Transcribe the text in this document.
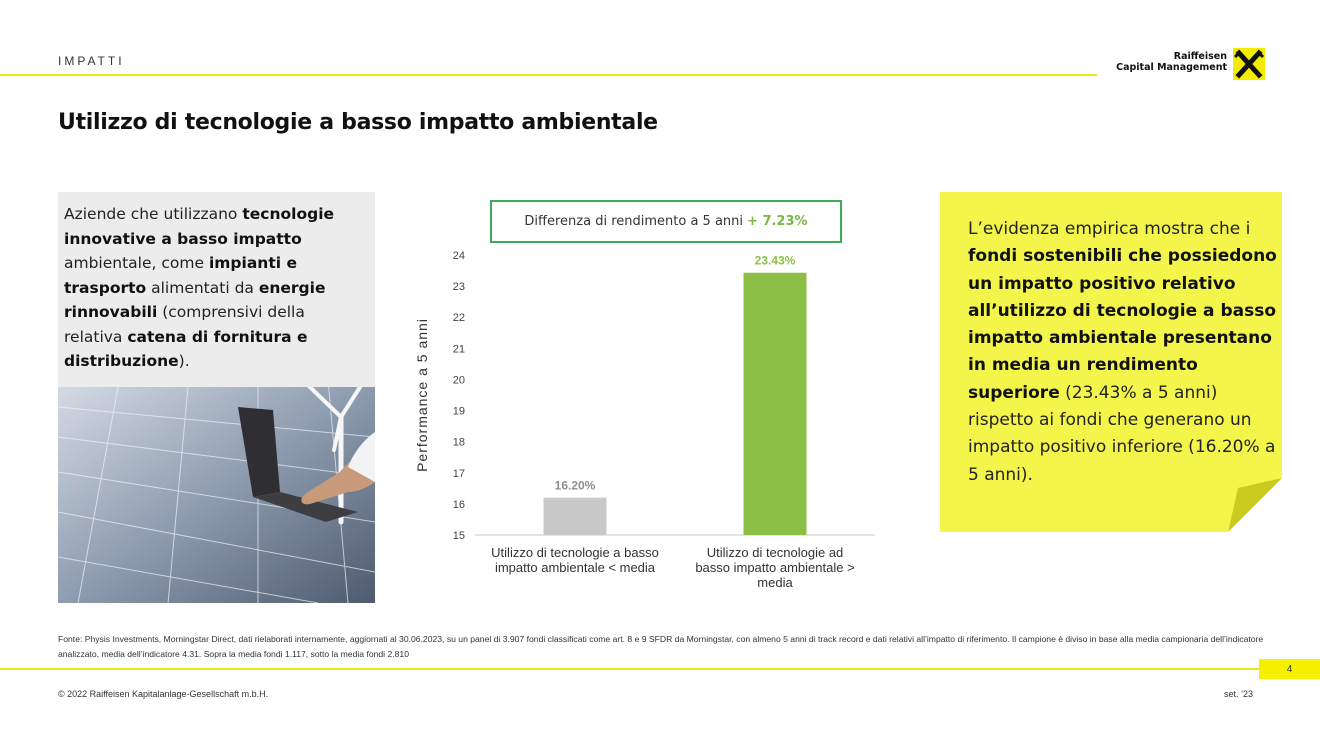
IMPATTI	Raiffeisen
Capital Management
Utilizzo di tecnologie a basso impatto ambientale
Aziende che utilizzano tecnologie innovative a basso impatto ambientale, come impianti e trasporto alimentati da energie rinnovabili (comprensivi della relativa catena di fornitura e distribuzione).
Differenza di rendimento a 5 anni + 7.23%
24
23
22
21
20
19
18
17
16
15
Performance a 5 anni
16.20%
Utilizzo di tecnologie a basso
impatto ambientale < media
23.43%
Utilizzo di tecnologie ad
basso impatto ambientale >
media
L’evidenza empirica mostra che i fondi sostenibili che possiedono un impatto positivo relativo all’utilizzo di tecnologie a basso impatto ambientale presentano in media un rendimento superiore (23.43% a 5 anni) rispetto ai fondi che generano un impatto positivo inferiore (16.20% a 5 anni).
Fonte: Physis Investments, Morningstar Direct, dati rielaborati internamente, aggiornati al 30.06.2023, su un panel di 3.907 fondi classificati come art. 8 e 9 SFDR da Morningstar, con almeno 5 anni di track record e dati relativi all’impatto di riferimento. Il campione è diviso in base alla media campionaria dell’indicatore analizzato, media dell’indicatore 4.31. Sopra la media fondi 1.117, sotto la media fondi 2.810
4
© 2022 Raiffeisen Kapitalanlage-Gesellschaft m.b.H.	set. ’23
